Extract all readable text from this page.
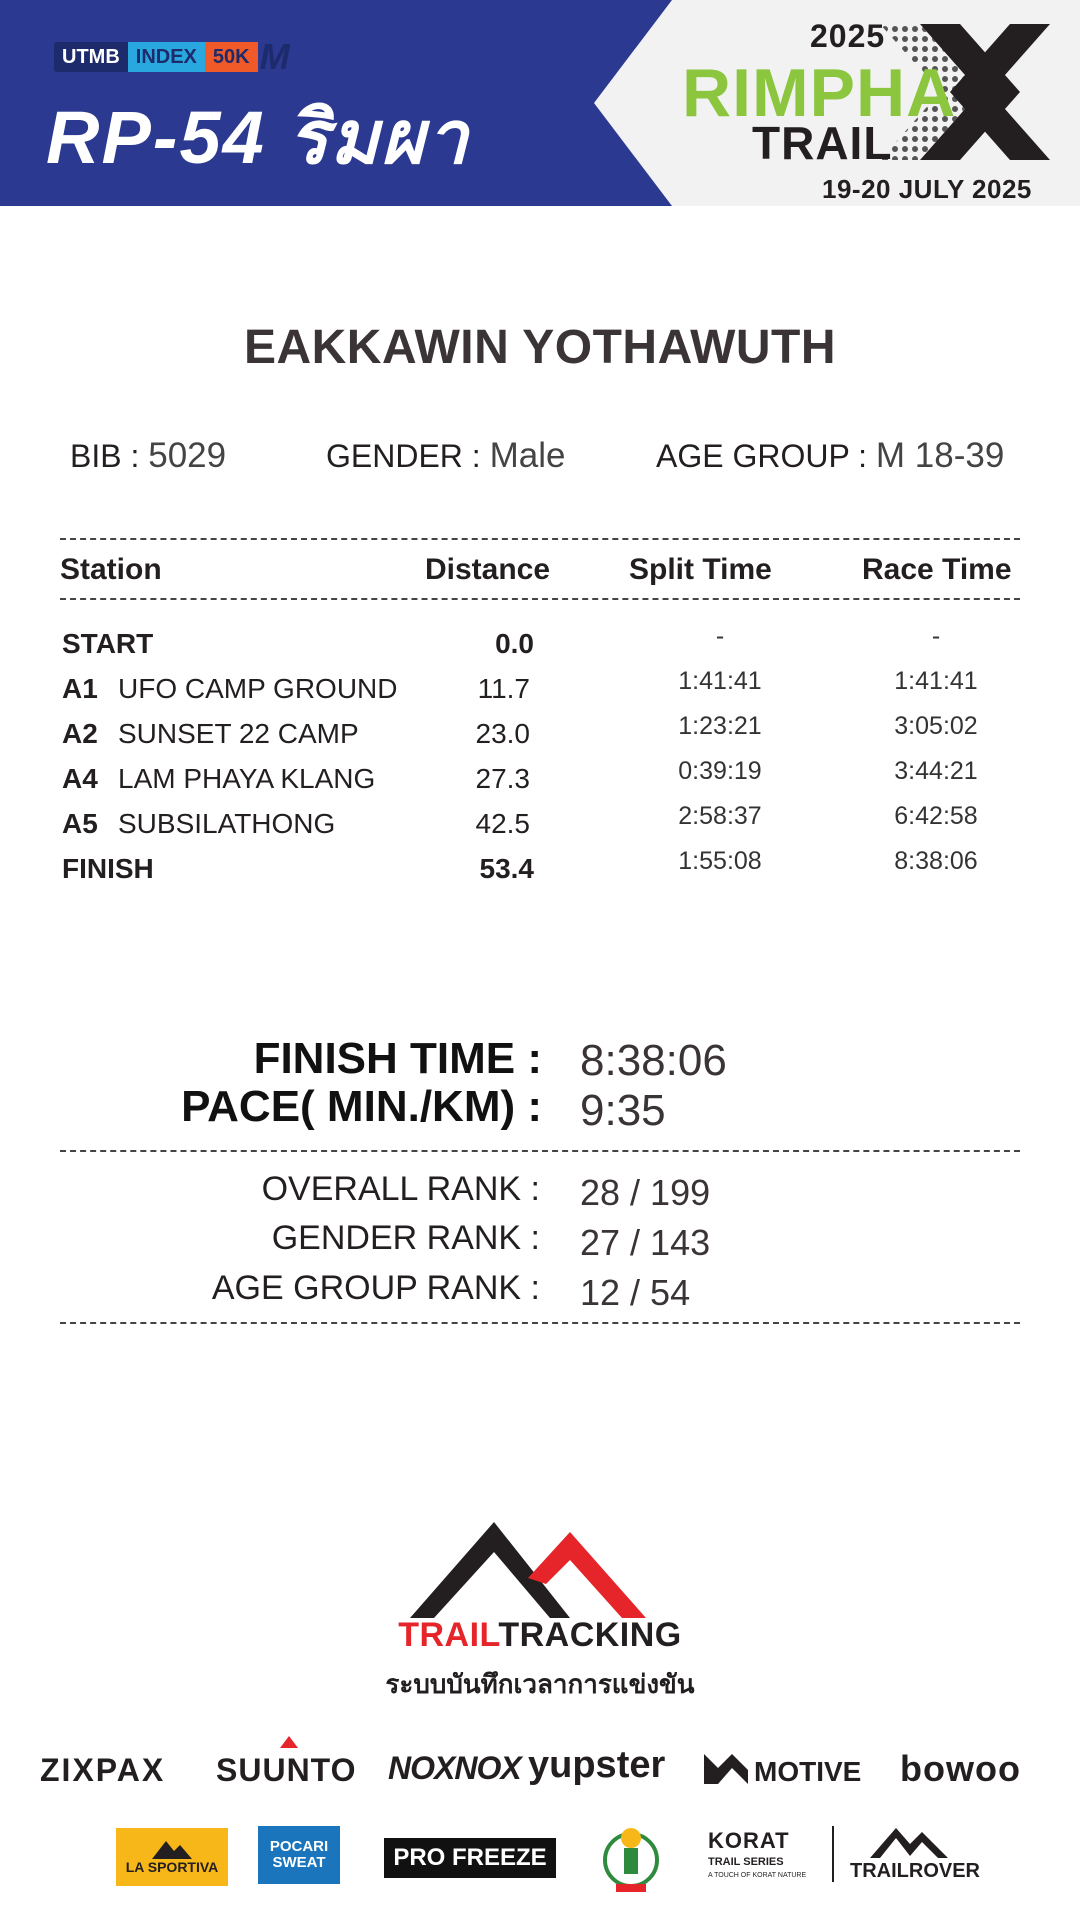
UTMB INDEX 50K M
RP-54 ริมผา
2025
RIMPHA
TRAIL
19-20 JULY 2025
EAKKAWIN YOTHAWUTH
BIB : 5029	GENDER : Male	AGE GROUP : M 18-39
Station	Distance	Split Time	Race Time
START	0.0	-	-
A1 UFO CAMP GROUND	11.7	1:41:41	1:41:41
A2 SUNSET 22 CAMP	23.0	1:23:21	3:05:02
A4 LAM PHAYA KLANG	27.3	0:39:19	3:44:21
A5 SUBSILATHONG	42.5	2:58:37	6:42:58
FINISH	53.4	1:55:08	8:38:06
FINISH TIME : 8:38:06
PACE( MIN./KM) : 9:35
OVERALL RANK : 28 / 199
GENDER RANK : 27 / 143
AGE GROUP RANK : 12 / 54
TRAILTRACKING
ระบบบันทึกเวลาการแข่งขัน
ZIXPAX SUUNTO NOXNOX yupster	MOTIVE bowoo
LA SPORTIVA
POCARI SWEAT	PRO FREEZE
KORAT
TRAIL SERIES
A TOUCH OF KORAT NATURE TRAILROVER
